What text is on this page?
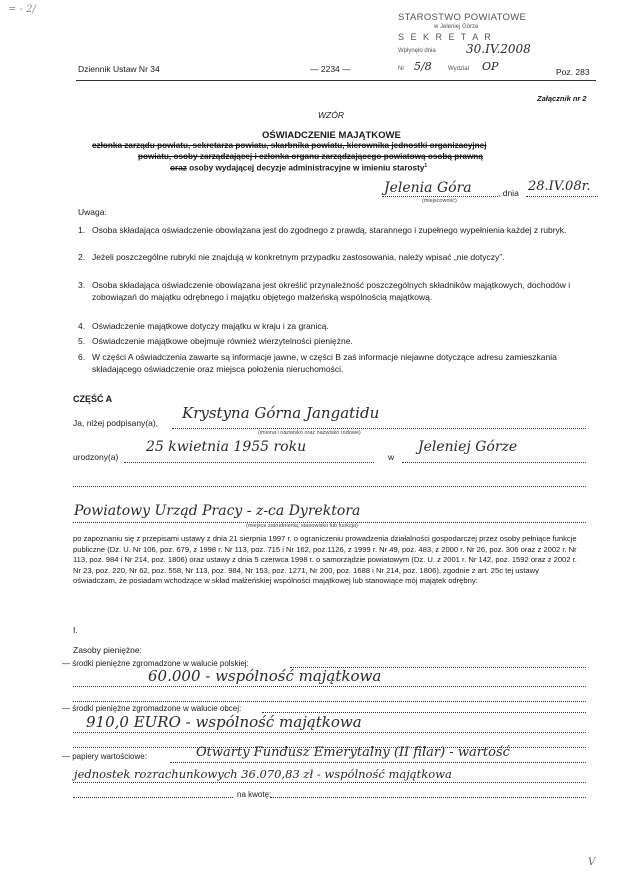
= - 2/
STAROSTWO POWIATOWE
w Jeleniej Górze
S E K R E T A R
Wpłynęło dnia	30.IV.2008
Nr 5/8	Wydział OP
Dziennik Ustaw Nr 34	— 2234 —	Poz. 283
Załącznik nr 2
WZÓR
OŚWIADCZENIE MAJĄTKOWE
członka zarządu powiatu, sekretarza powiatu, skarbnika powiatu, kierownika jednostki organizacyjnej
powiatu, osoby zarządzającej i członka organu zarządzającego powiatową osobą prawną
oraz osoby wydającej decyzje administracyjne w imieniu starosty$^1$
Jelenia Góra	, dnia 28.IV.08r.
(miejscowość)
Uwaga:
1. Osoba składająca oświadczenie obowiązana jest do zgodnego z prawdą, starannego i zupełnego wypełnienia każdej z rubryk.
2. Jeżeli poszczególne rubryki nie znajdują w konkretnym przypadku zastosowania, należy wpisać „nie dotyczy”.
3. Osoba składająca oświadczenie obowiązana jest określić przynależność poszczególnych składników majątkowych, dochodów i zobowiązań do majątku odrębnego i majątku objętego małżeńską wspólnością majątkową.
4. Oświadczenie majątkowe dotyczy majątku w kraju i za granicą.
5. Oświadczenie majątkowe obejmuje również wierzytelności pieniężne.
6. W części A oświadczenia zawarte są informacje jawne, w części B zaś informacje niejawne dotyczące adresu zamieszkania składającego oświadczenie oraz miejsca położenia nieruchomości.
CZĘŚĆ A
Ja, niżej podpisany(a),
Krystyna Górna Jangatidu
(imiona i nazwisko oraz nazwisko rodowe)
urodzony(a)
25 kwietnia 1955 roku
w
Jeleniej Górze
Powiatowy Urząd Pracy - z-ca Dyrektora
(miejsce zatrudnienia, stanowisko lub funkcja)
po zapoznaniu się z przepisami ustawy z dnia 21 sierpnia 1997 r. o ograniczeniu prowadzenia działalności gospodarczej przez osoby pełniące funkcje publiczne (Dz. U. Nr 106, poz. 679, z 1998 r. Nr 113, poz. 715 i Nr 162, poz.1126, z 1999 r. Nr 49, poz. 483, z 2000 r. Nr 26, poz. 306 oraz z 2002 r. Nr 113, poz. 984 i Nr 214, poz. 1806) oraz ustawy z dnia 5 czerwca 1998 r. o samorządzie powiatowym (Dz. U. z 2001 r. Nr 142, poz. 1592 oraz z 2002 r. Nr 23, poz. 220, Nr 62, poz. 558, Nr 113, poz. 984, Nr 153, poz. 1271, Nr 200, poz. 1688 i Nr 214, poz. 1806), zgodnie z art. 25c tej ustawy oświadczam, że posiadam wchodzące w skład małżeńskiej wspólności majątkowej lub stanowiące mój majątek odrębny:
I.
Zasoby pieniężne:
— środki pieniężne zgromadzone w walucie polskiej:
60.000 - wspólność majątkowa
— środki pieniężne zgromadzone w walucie obcej:
910,0 EURO - wspólność majątkowa
— papiery wartościowe:	Otwarty Fundusz Emerytalny (II filar) - wartość
jednostek rozrachunkowych 36.070,83 zł - wspólność majątkowa
na kwotę:
V
